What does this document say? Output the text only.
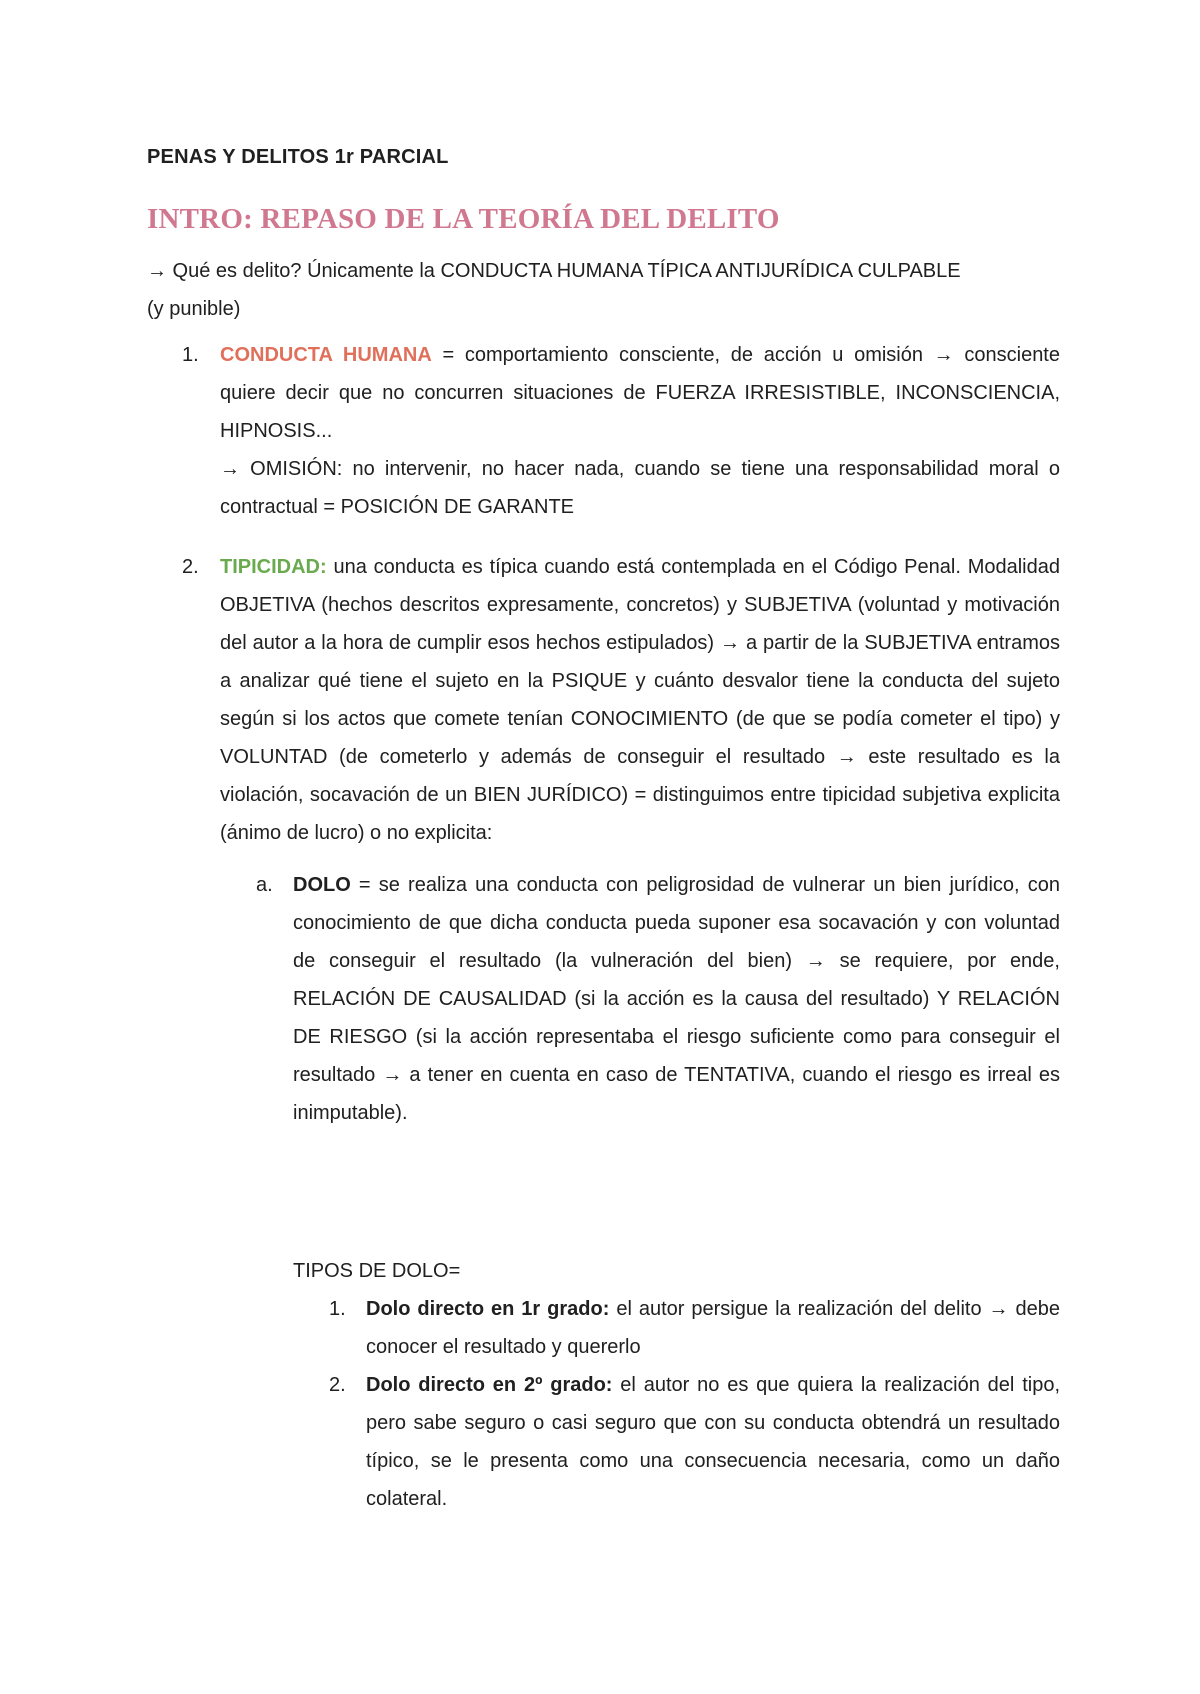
PENAS Y DELITOS 1r PARCIAL

INTRO: REPASO DE LA TEORÍA DEL DELITO
→ Qué es delito? Únicamente la CONDUCTA HUMANA TÍPICA ANTIJURÍDICA CULPABLE
(y punible)
1. CONDUCTA HUMANA = comportamiento consciente, de acción u omisión → consciente quiere decir que no concurren situaciones de FUERZA IRRESISTIBLE, INCONSCIENCIA, HIPNOSIS...

→ OMISIÓN: no intervenir, no hacer nada, cuando se tiene una responsabilidad moral o contractual = POSICIÓN DE GARANTE

2. TIPICIDAD: una conducta es típica cuando está contemplada en el Código Penal. Modalidad OBJETIVA (hechos descritos expresamente, concretos) y SUBJETIVA (voluntad y motivación del autor a la hora de cumplir esos hechos estipulados) → a partir de la SUBJETIVA entramos a analizar qué tiene el sujeto en la PSIQUE y cuánto desvalor tiene la conducta del sujeto según si los actos que comete tenían CONOCIMIENTO (de que se podía cometer el tipo) y VOLUNTAD (de cometerlo y además de conseguir el resultado → este resultado es la violación, socavación de un BIEN JURÍDICO) = distinguimos entre tipicidad subjetiva explicita (ánimo de lucro) o no explicita:

a. DOLO = se realiza una conducta con peligrosidad de vulnerar un bien jurídico, con conocimiento de que dicha conducta pueda suponer esa socavación y con voluntad de conseguir el resultado (la vulneración del bien) → se requiere, por ende, RELACIÓN DE CAUSALIDAD (si la acción es la causa del resultado) Y RELACIÓN DE RIESGO (si la acción representaba el riesgo suficiente como para conseguir el resultado → a tener en cuenta en caso de TENTATIVA, cuando el riesgo es irreal es inimputable).

TIPOS DE DOLO=

1. Dolo directo en 1r grado: el autor persigue la realización del delito → debe conocer el resultado y quererlo

2. Dolo directo en 2º grado: el autor no es que quiera la realización del tipo, pero sabe seguro o casi seguro que con su conducta obtendrá un resultado típico, se le presenta como una consecuencia necesaria, como un daño colateral.
